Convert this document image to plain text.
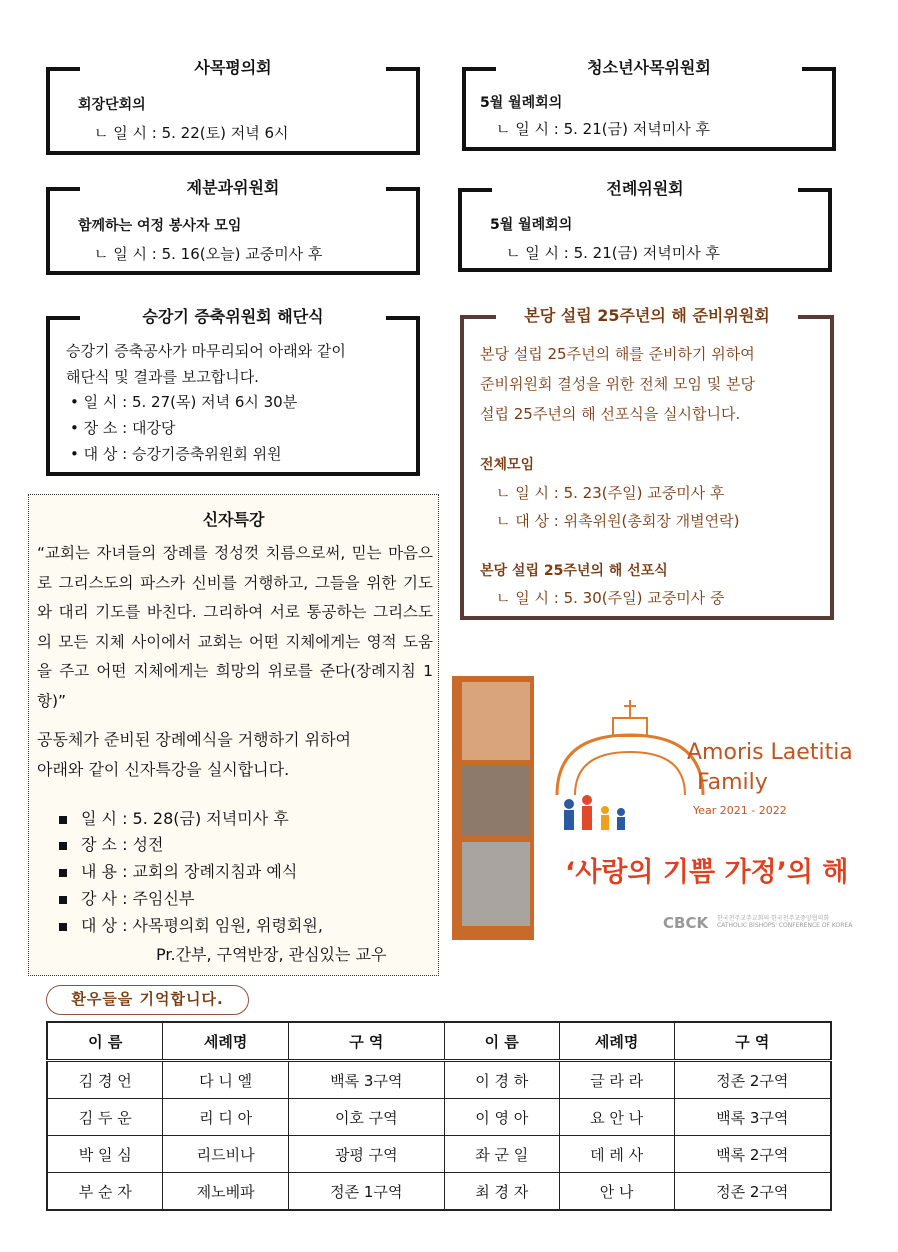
사목평의회
회장단회의
ㄴ 일 시 : 5. 22(토) 저녁 6시
청소년사목위원회
5월 월례회의
ㄴ 일 시 : 5. 21(금) 저녁미사 후
제분과위원회
함께하는 여정 봉사자 모임
ㄴ 일 시 : 5. 16(오늘) 교중미사 후
전례위원회
5월 월례회의
ㄴ 일 시 : 5. 21(금) 저녁미사 후
승강기 증축위원회 해단식
승강기 증축공사가 마무리되어 아래와 같이
해단식 및 결과를 보고합니다.
• 일 시 : 5. 27(목) 저녁 6시 30분
• 장 소 : 대강당
• 대 상 : 승강기증축위원회 위원
본당 설립 25주년의 해 준비위원회
본당 설립 25주년의 해를 준비하기 위하여
준비위원회 결성을 위한 전체 모임 및 본당
설립 25주년의 해 선포식을 실시합니다.
전체모임
ㄴ 일 시 : 5. 23(주일) 교중미사 후
ㄴ 대 상 : 위촉위원(총회장 개별연락)
본당 설립 25주년의 해 선포식
ㄴ 일 시 : 5. 30(주일) 교중미사 중
신자특강
“교회는 자녀들의 장례를 정성껏 치름으로써, 믿는 마음으로 그리스도의 파스카 신비를 거행하고, 그들을 위한 기도와 대리 기도를 바친다. 그리하여 서로 통공하는 그리스도의 모든 지체 사이에서 교회는 어떤 지체에게는 영적 도움을 주고 어떤 지체에게는 희망의 위로를 준다(장례지침 1항)”
공동체가 준비된 장례예식을 거행하기 위하여
아래와 같이 신자특강을 실시합니다.
일 시 : 5. 28(금) 저녁미사 후
장 소 : 성전
내 용 : 교회의 장례지침과 예식
강 사 : 주임신부
대 상 : 사목평의회 임원, 위령회원,
Pr.간부, 구역반장, 관심있는 교우
Amoris Laetitia
Family
Year 2021 - 2022
‘사랑의 기쁨 가정’의 해
CBCK 한국천주교주교회의·한국천주교중앙협의회
CATHOLIC BISHOPS' CONFERENCE OF KOREA
환우들을 기억합니다.
이 름	세례명	구 역	이 름	세례명	구 역
김 경 언	다 니 엘	백록 3구역	이 경 하	글 라 라	정존 2구역
김 두 운	리 디 아	이호 구역	이 영 아	요 안 나	백록 3구역
박 일 심	리드비나	광평 구역	좌 군 일	데 레 사	백록 2구역
부 순 자	제노베파	정존 1구역	최 경 자	안 나	정존 2구역
